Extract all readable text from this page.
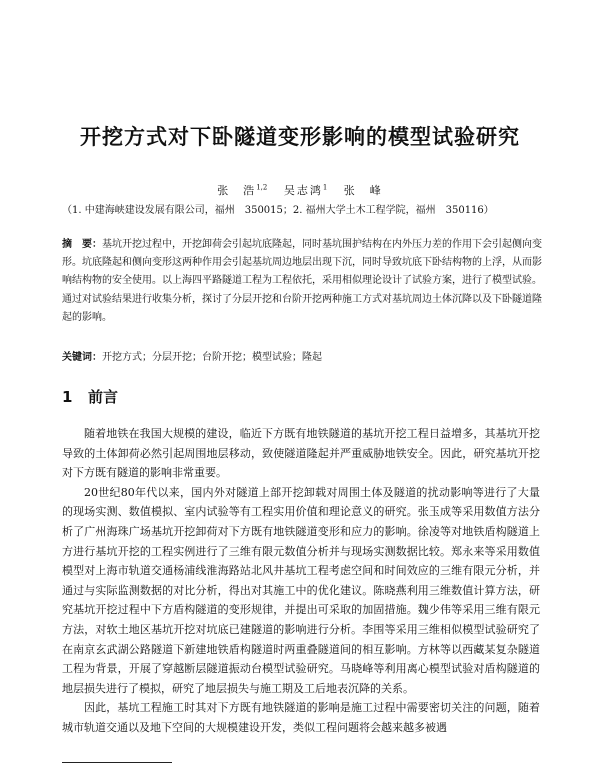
开挖方式对下卧隧道变形影响的模型试验研究
张　浩$^{1,2}$ 吴志鸿$^1$ 张　峰
（1. 中建海峡建设发展有限公司，福州　350015；2. 福州大学土木工程学院，福州　350116）
摘　要：基坑开挖过程中，开挖卸荷会引起坑底隆起，同时基坑围护结构在内外压力差的作用下会引起侧向变形。坑底隆起和侧向变形这两种作用会引起基坑周边地层出现下沉，同时导致坑底下卧结构物的上浮，从而影响结构物的安全使用。以上海四平路隧道工程为工程依托，采用相似理论设计了试验方案，进行了模型试验。通过对试验结果进行收集分析，探讨了分层开挖和台阶开挖两种施工方式对基坑周边土体沉降以及下卧隧道隆起的影响。
关键词：开挖方式；分层开挖；台阶开挖；模型试验；隆起
1 前言

随着地铁在我国大规模的建设，临近下方既有地铁隧道的基坑开挖工程日益增多，其基坑开挖导致的土体卸荷必然引起周围地层移动，致使隧道隆起并严重威胁地铁安全。因此，研究基坑开挖对下方既有隧道的影响非常重要。

20世纪80年代以来，国内外对隧道上部开挖卸载对周围土体及隧道的扰动影响等进行了大量的现场实测、数值模拟、室内试验等有工程实用价值和理论意义的研究。张玉成等采用数值方法分析了广州海珠广场基坑开挖卸荷对下方既有地铁隧道变形和应力的影响。徐凌等对地铁盾构隧道上方进行基坑开挖的工程实例进行了三维有限元数值分析并与现场实测数据比较。郑永来等采用数值模型对上海市轨道交通杨浦线淮海路站北风井基坑工程考虑空间和时间效应的三维有限元分析，并通过与实际监测数据的对比分析，得出对其施工中的优化建议。陈晓燕利用三维数值计算方法，研究基坑开挖过程中下方盾构隧道的变形规律，并提出可采取的加固措施。魏少伟等采用三维有限元方法，对软土地区基坑开挖对坑底已建隧道的影响进行分析。李围等采用三维相似模型试验研究了在南京玄武湖公路隧道下新建地铁盾构隧道时两重叠隧道间的相互影响。方林等以西藏某复杂隧道工程为背景，开展了穿越断层隧道振动台模型试验研究。马晓峰等利用离心模型试验对盾构隧道的地层损失进行了模拟，研究了地层损失与施工期及工后地表沉降的关系。

因此，基坑工程施工时其对下方既有地铁隧道的影响是施工过程中需要密切关注的问题，随着城市轨道交通以及地下空间的大规模建设开发，类似工程问题将会越来越多被遇
